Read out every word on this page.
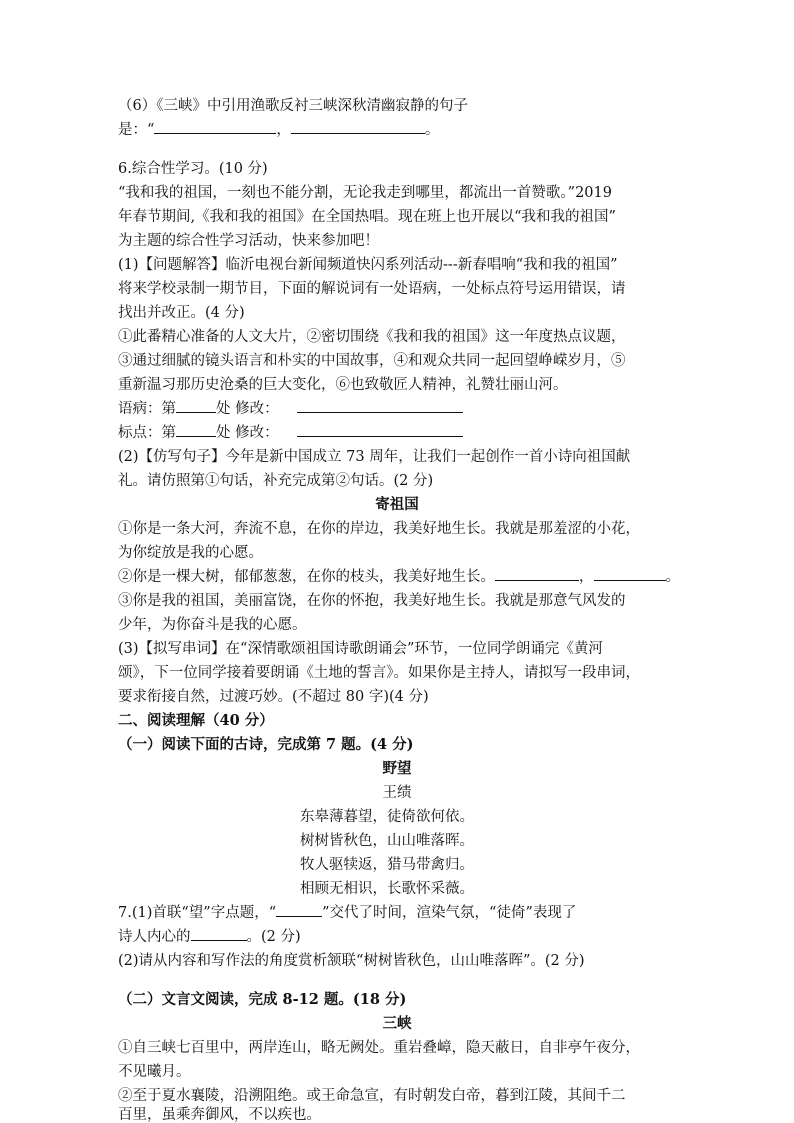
（6）《三峡》中引用渔歌反衬三峡深秋清幽寂静的句子
是：“	，	。
6.综合性学习。(10 分)
“我和我的祖国，一刻也不能分割，无论我走到哪里，都流出一首赞歌。”2019
年春节期间,《我和我的祖国》在全国热唱。现在班上也开展以“我和我的祖国”
为主题的综合性学习活动，快来参加吧！
(1)【问题解答】临沂电视台新闻频道快闪系列活动---新春唱响“我和我的祖国”
将来学校录制一期节目，下面的解说词有一处语病，一处标点符号运用错误，请
找出并改正。(4 分)
①此番精心准备的人文大片，②密切围绕《我和我的祖国》这一年度热点议题，
③通过细腻的镜头语言和朴实的中国故事，④和观众共同一起回望峥嵘岁月，⑤
重新温习那历史沧桑的巨大变化，⑥也致敬匠人精神，礼赞壮丽山河。
语病：第	处 修改：
标点：第	处 修改：
(2)【仿写句子】今年是新中国成立 73 周年，让我们一起创作一首小诗向祖国献
礼。请仿照第①句话，补充完成第②句话。(2 分)
寄祖国
①你是一条大河，奔流不息，在你的岸边，我美好地生长。我就是那羞涩的小花，
为你绽放是我的心愿。
②你是一棵大树，郁郁葱葱，在你的枝头，我美好地生长。	，	。
③你是我的祖国，美丽富饶，在你的怀抱，我美好地生长。我就是那意气风发的
少年，为你奋斗是我的心愿。
(3)【拟写串词】在“深情歌颂祖国诗歌朗诵会”环节，一位同学朗诵完《黄河
颂》，下一位同学接着要朗诵《土地的誓言》。如果你是主持人，请拟写一段串词，
要求衔接自然，过渡巧妙。(不超过 80 字)(4 分)
二、阅读理解（40 分）
（一）阅读下面的古诗，完成第 7 题。(4 分)
野望
王绩
东皋薄暮望，徒倚欲何依。
树树皆秋色，山山唯落晖。
牧人驱犊返，猎马带禽归。
相顾无相识，长歌怀采薇。
7.(1)首联“望”字点题，“	”交代了时间，渲染气氛，“徒倚”表现了
诗人内心的	。(2 分)
(2)请从内容和写作法的角度赏析颔联“树树皆秋色，山山唯落晖”。(2 分)
（二）文言文阅读，完成 8-12 题。(18 分)
三峡
①自三峡七百里中，两岸连山，略无阙处。重岩叠嶂，隐天蔽日，自非亭午夜分，
不见曦月。
②至于夏水襄陵，沿溯阻绝。或王命急宣，有时朝发白帝，暮到江陵，其间千二
百里，虽乘奔御风，不以疾也。
